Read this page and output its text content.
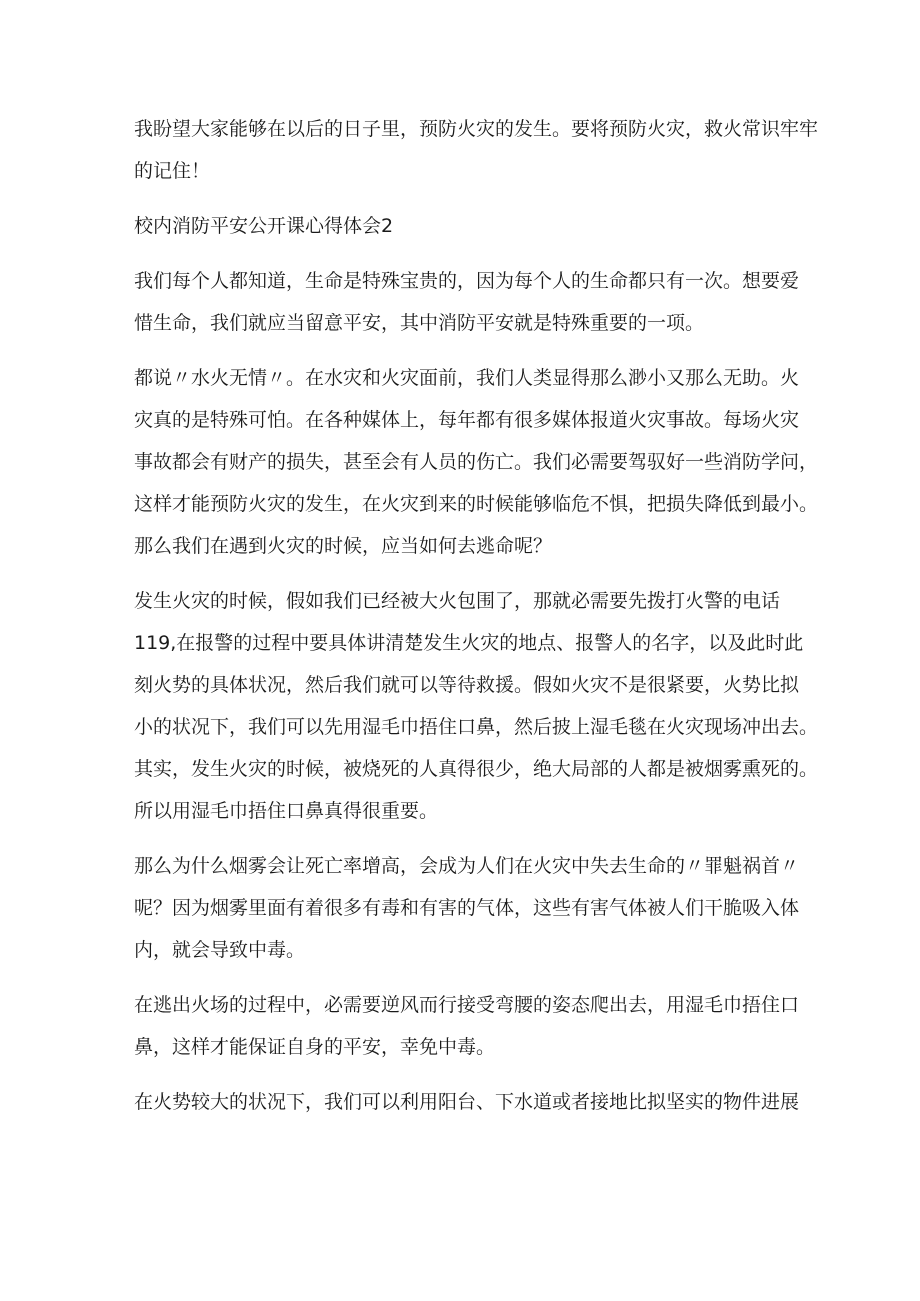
我盼望大家能够在以后的日子里，预防火灾的发生。要将预防火灾，救火常识牢牢
的记住！
校内消防平安公开课心得体会2
我们每个人都知道，生命是特殊宝贵的，因为每个人的生命都只有一次。想要爱
惜生命，我们就应当留意平安，其中消防平安就是特殊重要的一项。
都说〃水火无情〃。在水灾和火灾面前，我们人类显得那么渺小又那么无助。火
灾真的是特殊可怕。在各种媒体上，每年都有很多媒体报道火灾事故。每场火灾
事故都会有财产的损失，甚至会有人员的伤亡。我们必需要驾驭好一些消防学问，
这样才能预防火灾的发生，在火灾到来的时候能够临危不惧，把损失降低到最小。
那么我们在遇到火灾的时候，应当如何去逃命呢？
发生火灾的时候，假如我们已经被大火包围了，那就必需要先拨打火警的电话
119,在报警的过程中要具体讲清楚发生火灾的地点、报警人的名字，以及此时此
刻火势的具体状况，然后我们就可以等待救援。假如火灾不是很紧要，火势比拟
小的状况下，我们可以先用湿毛巾捂住口鼻，然后披上湿毛毯在火灾现场冲出去。
其实，发生火灾的时候，被烧死的人真得很少，绝大局部的人都是被烟雾熏死的。
所以用湿毛巾捂住口鼻真得很重要。
那么为什么烟雾会让死亡率增高，会成为人们在火灾中失去生命的〃罪魁祸首〃
呢？因为烟雾里面有着很多有毒和有害的气体，这些有害气体被人们干脆吸入体
内，就会导致中毒。
在逃出火场的过程中，必需要逆风而行接受弯腰的姿态爬出去，用湿毛巾捂住口
鼻，这样才能保证自身的平安，幸免中毒。
在火势较大的状况下，我们可以利用阳台、下水道或者接地比拟坚实的物件进展
